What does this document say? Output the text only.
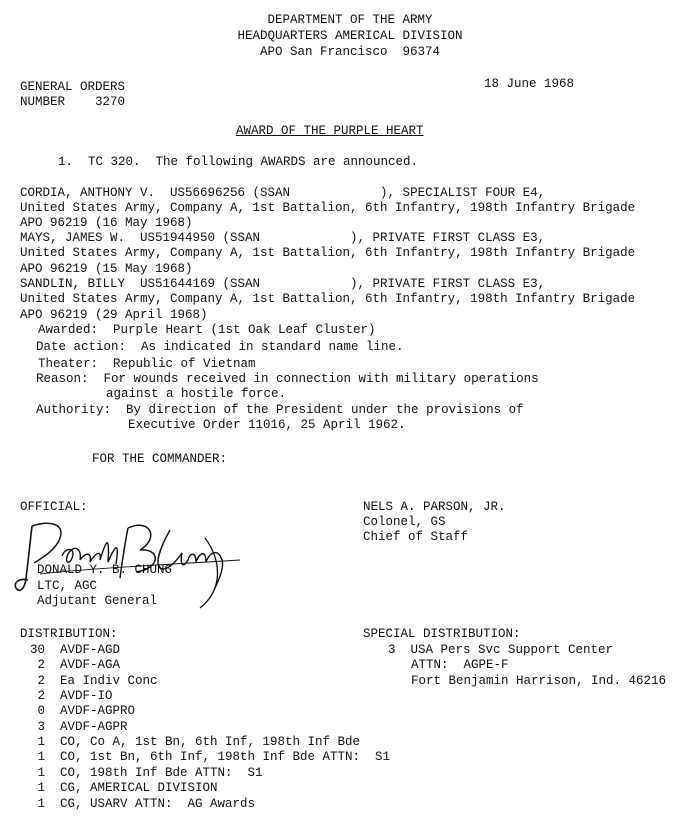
DEPARTMENT OF THE ARMY
HEADQUARTERS AMERICAL DIVISION
APO San Francisco  96374
GENERAL ORDERS
NUMBER    3270
18 June 1968
AWARD OF THE PURPLE HEART
1.  TC 320.  The following AWARDS are announced.
CORDIA, ANTHONY V.  US56696256 (SSAN            ), SPECIALIST FOUR E4,
United States Army, Company A, 1st Battalion, 6th Infantry, 198th Infantry Brigade
APO 96219 (16 May 1968)
MAYS, JAMES W.  US51944950 (SSAN            ), PRIVATE FIRST CLASS E3,
United States Army, Company A, 1st Battalion, 6th Infantry, 198th Infantry Brigade
APO 96219 (15 May 1968)
SANDLIN, BILLY  US51644169 (SSAN            ), PRIVATE FIRST CLASS E3,
United States Army, Company A, 1st Battalion, 6th Infantry, 198th Infantry Brigade
APO 96219 (29 April 1968)
Awarded:  Purple Heart (1st Oak Leaf Cluster)
Date action:  As indicated in standard name line.
Theater:  Republic of Vietnam
Reason:  For wounds received in connection with military operations
against a hostile force.
Authority:  By direction of the President under the provisions of
Executive Order 11016, 25 April 1962.
FOR THE COMMANDER:
OFFICIAL:
DONALD Y. B. CHUNG
LTC, AGC
Adjutant General
NELS A. PARSON, JR.
Colonel, GS
Chief of Staff
DISTRIBUTION:
30  AVDF-AGD
2  AVDF-AGA
2  Ea Indiv Conc
2  AVDF-IO
0  AVDF-AGPRO
3  AVDF-AGPR
1  CO, Co A, 1st Bn, 6th Inf, 198th Inf Bde
1  CO, 1st Bn, 6th Inf, 198th Inf Bde ATTN:  S1
1  CO, 198th Inf Bde ATTN:  S1
1  CG, AMERICAL DIVISION
1  CG, USARV ATTN:  AG Awards
SPECIAL DISTRIBUTION:
3  USA Pers Svc Support Center
ATTN:  AGPE-F
Fort Benjamin Harrison, Ind. 46216
